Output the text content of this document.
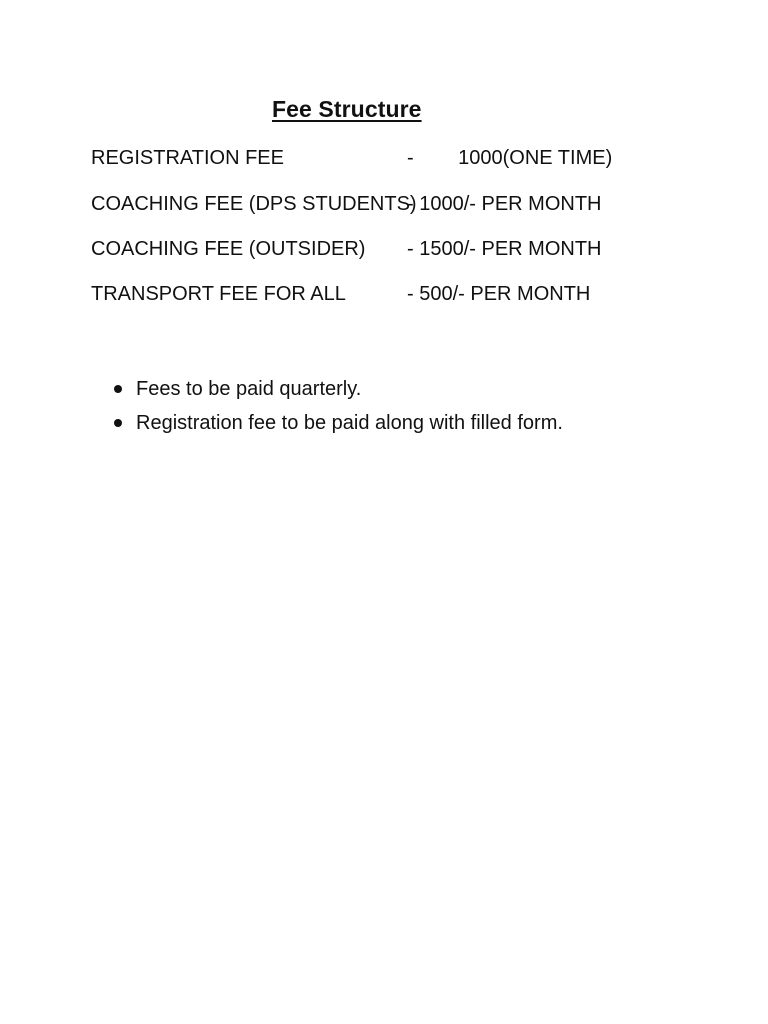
Fee Structure
REGISTRATION FEE	-        1000(ONE TIME)
COACHING FEE (DPS STUDENTS)
- 1000/- PER MONTH
COACHING FEE (OUTSIDER) - 1500/- PER MONTH
TRANSPORT FEE FOR ALL	- 500/- PER MONTH
Fees to be paid quarterly.
Registration fee to be paid along with filled form.
